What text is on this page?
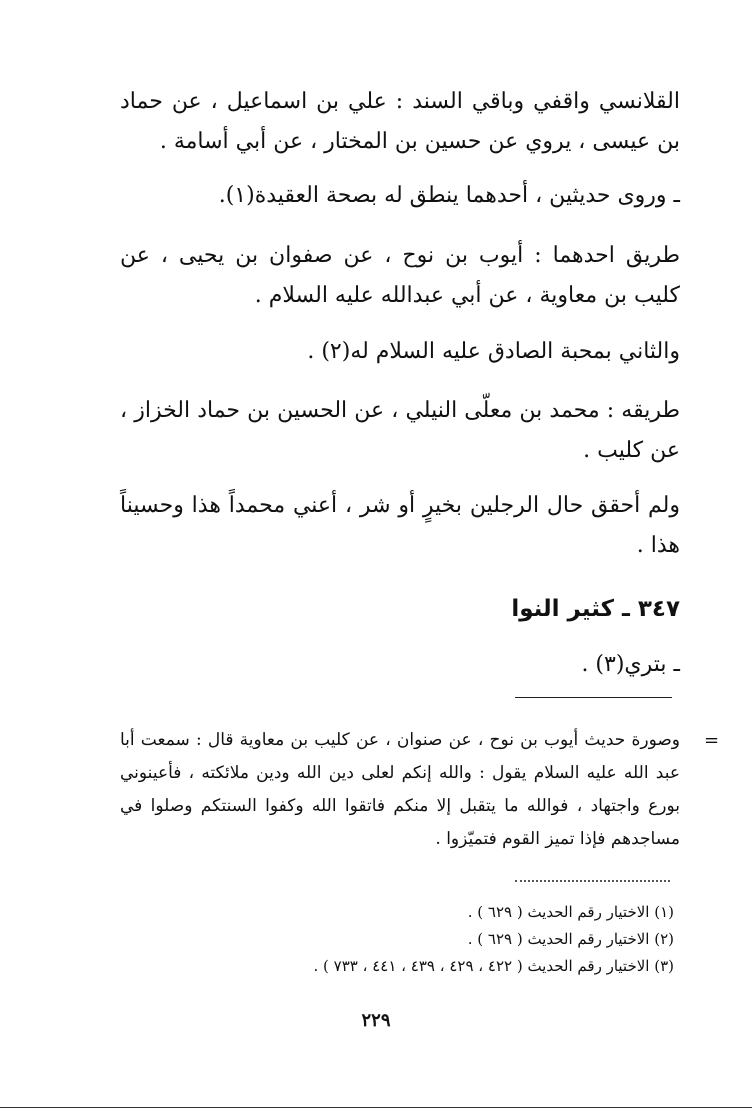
القلانسي واقفي وباقي السند : علي بن اسماعيل ، عن حماد بن عيسى ، يروي عن حسين بن المختار ، عن أبي أسامة .
ـ وروى حديثين ، أحدهما ينطق له بصحة العقيدة(١).
طريق احدهما : أيوب بن نوح ، عن صفوان بن يحيى ، عن كليب بن معاوية ، عن أبي عبدالله عليه السلام .
والثاني بمحبة الصادق عليه السلام له(٢) .
طريقه : محمد بن معلّى النيلي ، عن الحسين بن حماد الخزاز ، عن كليب .
ولم أحقق حال الرجلين بخيرٍ أو شر ، أعني محمداً هذا وحسيناً هذا .
٣٤٧ ـ كثير النوا
ـ بتري(٣) .
=
وصورة حديث أيوب بن نوح ، عن صنوان ، عن كليب بن معاوية قال : سمعت أبا عبد الله عليه السلام يقول : والله إنكم لعلى دين الله ودين ملائكته ، فأعينوني بورع واجتهاد ، فوالله ما يتقبل إلا منكم فاتقوا الله وكفوا السنتكم وصلوا في مساجدهم فإذا تميز القوم فتميّزوا .
(١) الاختيار رقم الحديث ( ٦٢٩ ) .
(٢) الاختيار رقم الحديث ( ٦٢٩ ) .
(٣) الاختيار رقم الحديث ( ٤٢٢ ، ٤٢٩ ، ٤٣٩ ، ٤٤١ ، ٧٣٣ ) .
٢٢٩
